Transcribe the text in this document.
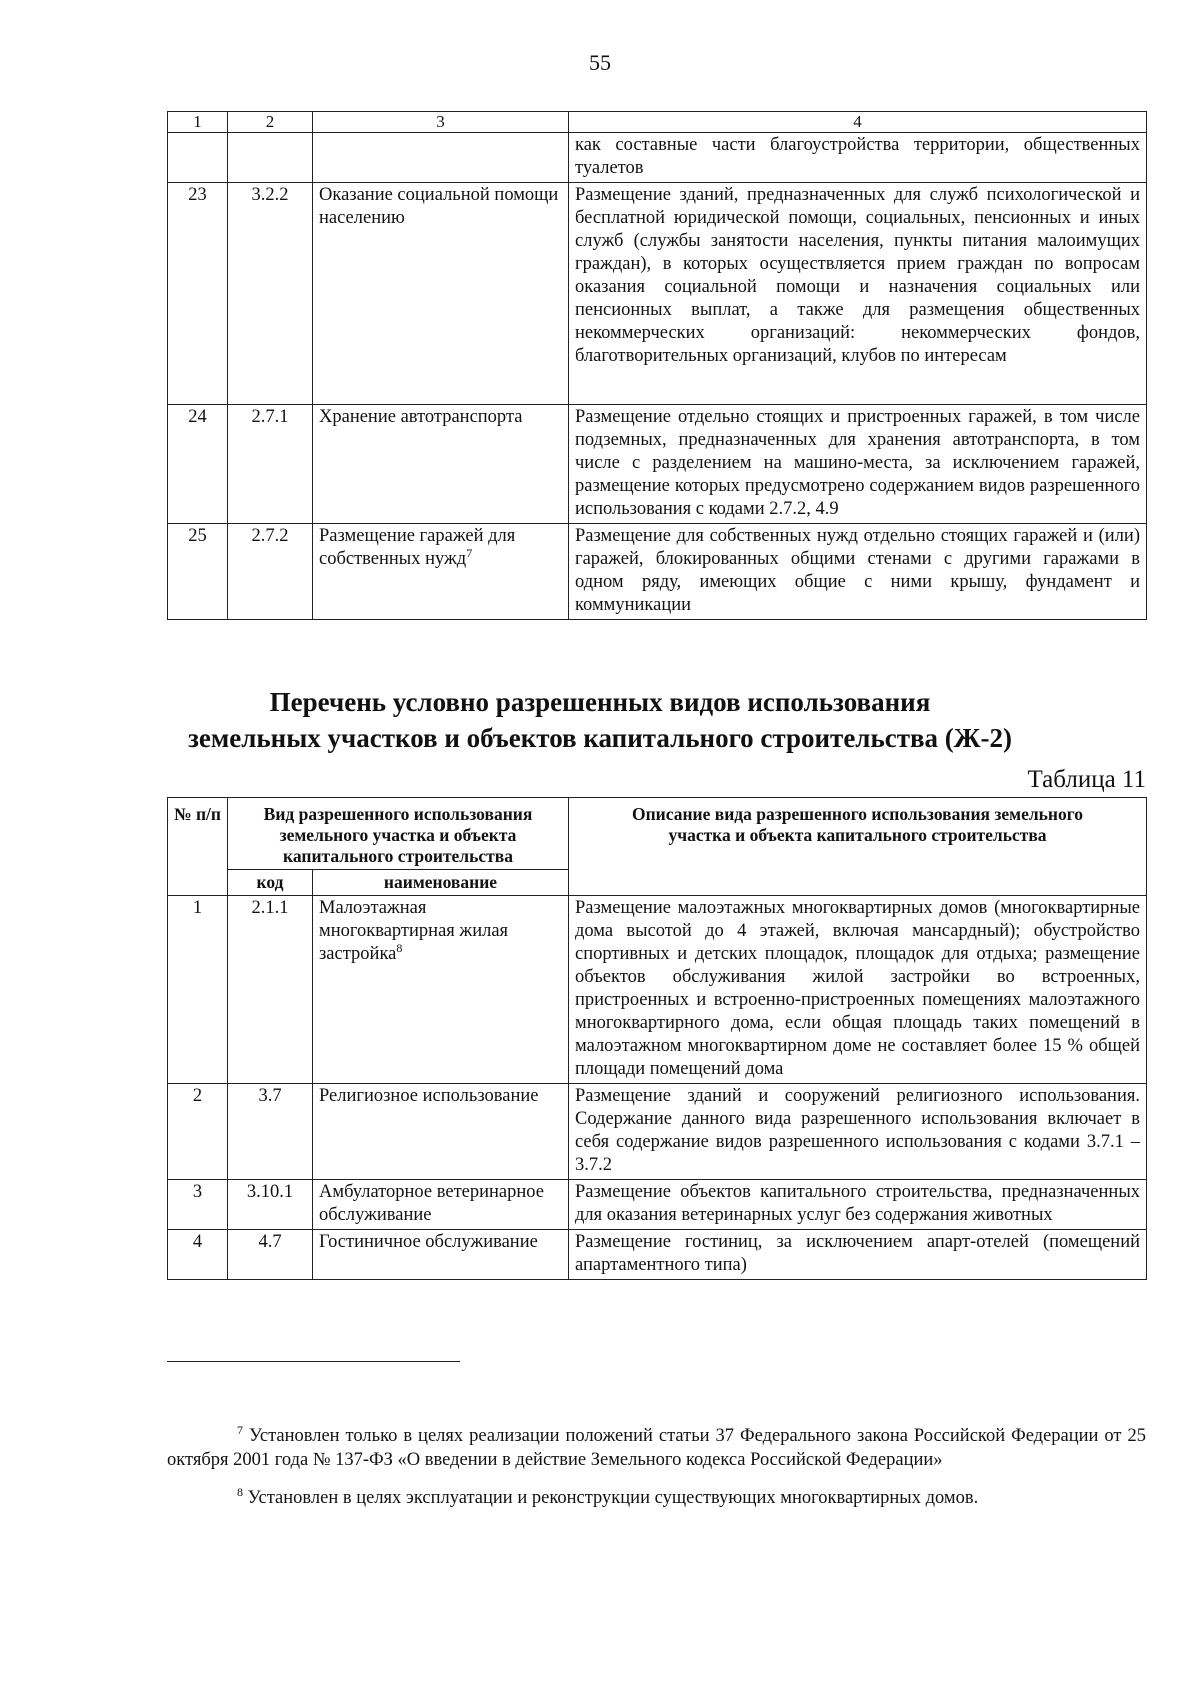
55
1	2	3	4
			как составные части благоустройства территории, общественных туалетов
23	3.2.2	Оказание социальной помощи населению	Размещение зданий, предназначенных для служб психологической и бесплатной юридической помощи, социальных, пенсионных и иных служб (службы занятости населения, пункты питания малоимущих граждан), в которых осуществляется прием граждан по вопросам оказания социальной помощи и назначения социальных или пенсионных выплат, а также для размещения общественных некоммерческих организаций: некоммерческих фондов, благотворительных организаций, клубов по интересам
24	2.7.1	Хранение автотранспорта	Размещение отдельно стоящих и пристроенных гаражей, в том числе подземных, предназначенных для хранения автотранспорта, в том числе с разделением на машино-места, за исключением гаражей, размещение которых предусмотрено содержанием видов разрешенного использования с кодами 2.7.2, 4.9
25	2.7.2	Размещение гаражей для собственных нужд$^7$	Размещение для собственных нужд отдельно стоящих гаражей и (или) гаражей, блокированных общими стенами с другими гаражами в одном ряду, имеющих общие с ними крышу, фундамент и коммуникации
Перечень условно разрешенных видов использования
земельных участков и объектов капитального строительства (Ж-2)
Таблица 11
№ п/п	Вид разрешенного использования земельного участка и объекта капитального строительства		Описание вида разрешенного использования земельного участка и объекта капитального строительства
	код	наименование	
1	2.1.1	Малоэтажная многоквартирная жилая застройка$^8$	Размещение малоэтажных многоквартирных домов (многоквартирные дома высотой до 4 этажей, включая мансардный); обустройство спортивных и детских площадок, площадок для отдыха; размещение объектов обслуживания жилой застройки во встроенных, пристроенных и встроенно-пристроенных помещениях малоэтажного многоквартирного дома, если общая площадь таких помещений в малоэтажном многоквартирном доме не составляет более 15 % общей площади помещений дома
2	3.7	Религиозное использование	Размещение зданий и сооружений религиозного использования. Содержание данного вида разрешенного использования включает в себя содержание видов разрешенного использования с кодами 3.7.1 – 3.7.2
3	3.10.1	Амбулаторное ветеринарное обслуживание	Размещение объектов капитального строительства, предназначенных для оказания ветеринарных услуг без содержания животных
4	4.7	Гостиничное обслуживание	Размещение гостиниц, за исключением апарт-отелей (помещений апартаментного типа)

$^7$ Установлен только в целях реализации положений статьи 37 Федерального закона Российской Федерации от 25 октября 2001 года № 137-ФЗ «О введении в действие Земельного кодекса Российской Федерации»

$^8$ Установлен в целях эксплуатации и реконструкции существующих многоквартирных домов.
